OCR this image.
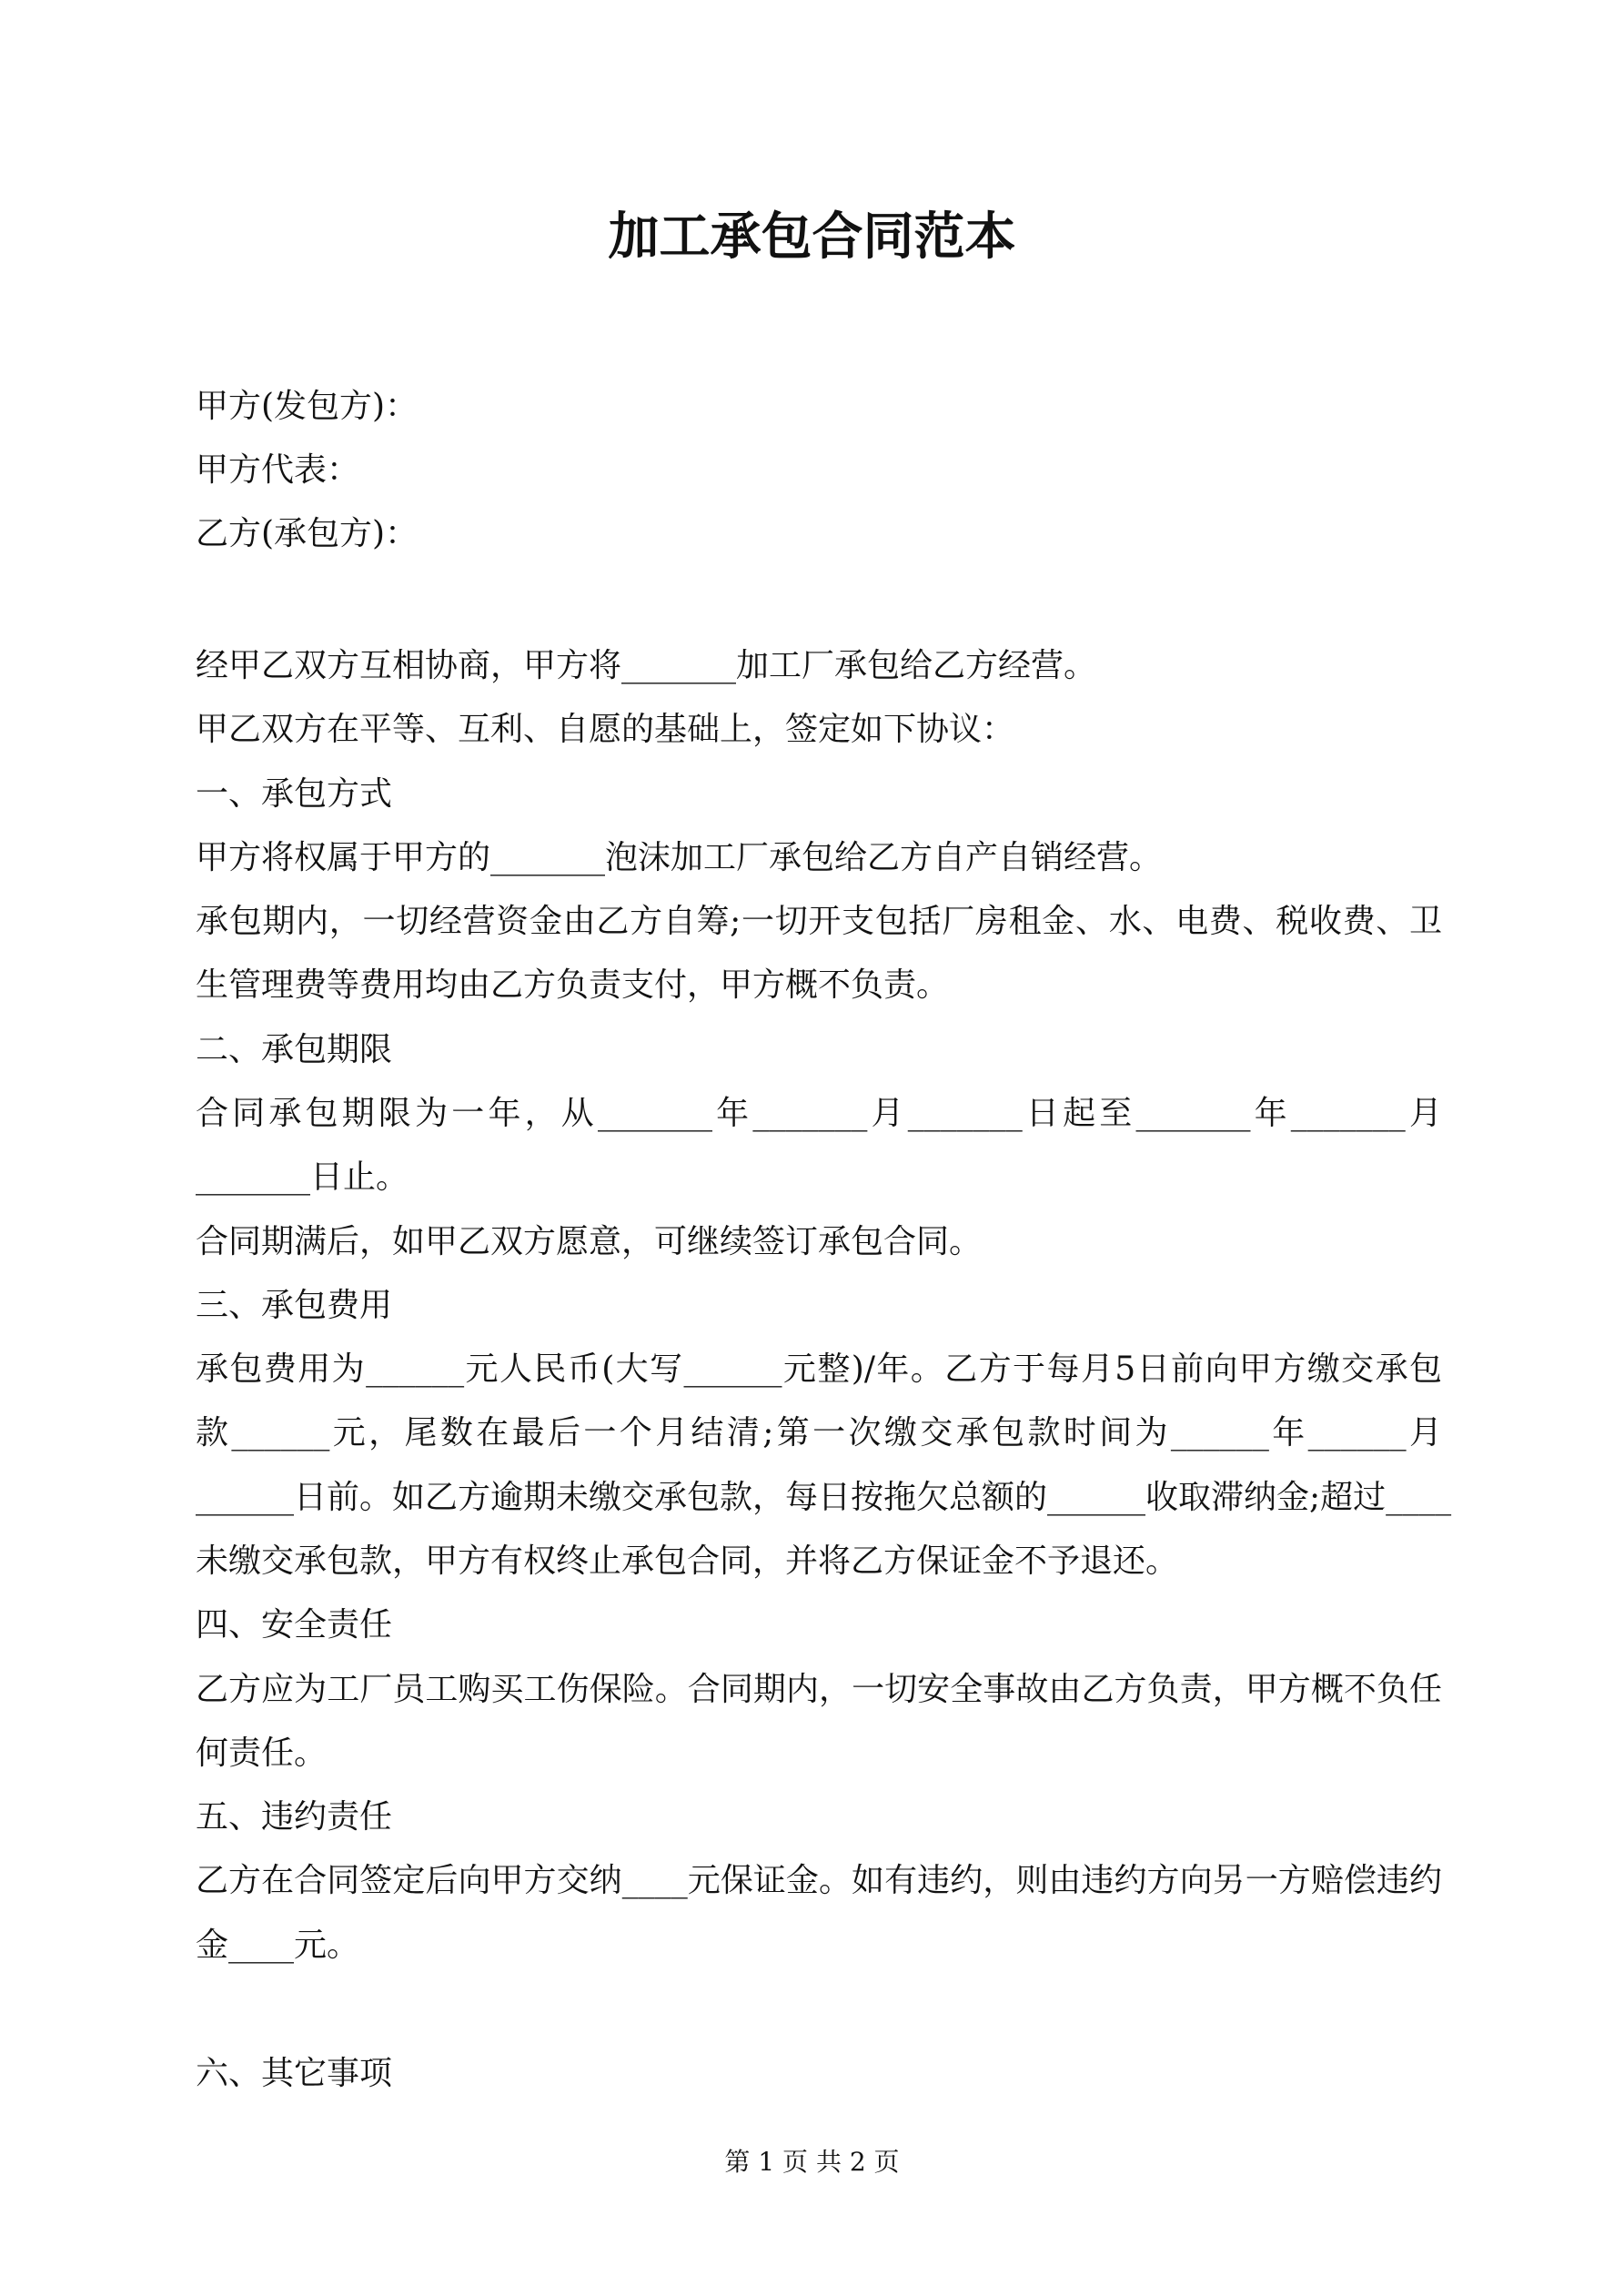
加工承包合同范本
甲方(发包方)：
甲方代表：
乙方(承包方)：
经甲乙双方互相协商，甲方将_______加工厂承包给乙方经营。
甲乙双方在平等、互利、自愿的基础上，签定如下协议：
一、承包方式
甲方将权属于甲方的_______泡沫加工厂承包给乙方自产自销经营。
承包期内，一切经营资金由乙方自筹;一切开支包括厂房租金、水、电费、税收费、卫
生管理费等费用均由乙方负责支付，甲方概不负责。
二、承包期限
合同承包期限为一年，从_______年_______月_______日起至_______年_______月
_______日止。
合同期满后，如甲乙双方愿意，可继续签订承包合同。
三、承包费用
承包费用为______元人民币(大写______元整)/年。乙方于每月5日前向甲方缴交承包
款______元，尾数在最后一个月结清;第一次缴交承包款时间为______年______月
______日前。如乙方逾期未缴交承包款，每日按拖欠总额的______收取滞纳金;超过____
未缴交承包款，甲方有权终止承包合同，并将乙方保证金不予退还。
四、安全责任
乙方应为工厂员工购买工伤保险。合同期内，一切安全事故由乙方负责，甲方概不负任
何责任。
五、违约责任
乙方在合同签定后向甲方交纳____元保证金。如有违约，则由违约方向另一方赔偿违约
金____元。
六、其它事项
第 1 页 共 2 页
